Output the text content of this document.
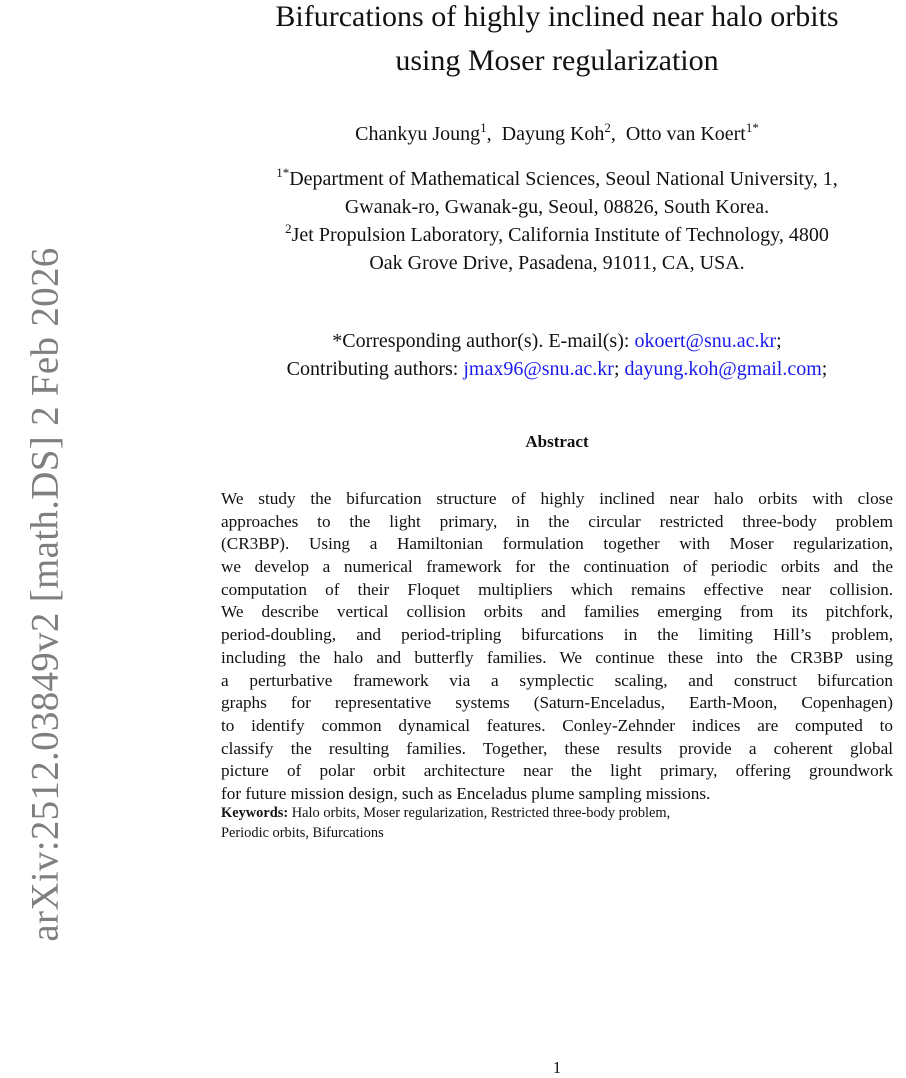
arXiv:2512.03849v2 [math.DS] 2 Feb 2026
Bifurcations of highly inclined near halo orbits
using Moser regularization
Chankyu Joung$^1$,  Dayung Koh$^2$,  Otto van Koert$^{1*}$
$^{1*}$Department of Mathematical Sciences, Seoul National University, 1,
Gwanak-ro, Gwanak-gu, Seoul, 08826, South Korea.
$^2$Jet Propulsion Laboratory, California Institute of Technology, 4800
Oak Grove Drive, Pasadena, 91011, CA, USA.
*Corresponding author(s). E-mail(s): okoert@snu.ac.kr;
Contributing authors: jmax96@snu.ac.kr; dayung.koh@gmail.com;
Abstract
We study the bifurcation structure of highly inclined near halo orbits with close
approaches to the light primary, in the circular restricted three-body problem
(CR3BP). Using a Hamiltonian formulation together with Moser regularization,
we develop a numerical framework for the continuation of periodic orbits and the
computation of their Floquet multipliers which remains effective near collision.
We describe vertical collision orbits and families emerging from its pitchfork,
period-doubling, and period-tripling bifurcations in the limiting Hill’s problem,
including the halo and butterfly families. We continue these into the CR3BP using
a perturbative framework via a symplectic scaling, and construct bifurcation
graphs for representative systems (Saturn-Enceladus, Earth-Moon, Copenhagen)
to identify common dynamical features. Conley-Zehnder indices are computed to
classify the resulting families. Together, these results provide a coherent global
picture of polar orbit architecture near the light primary, offering groundwork
for future mission design, such as Enceladus plume sampling missions.
Keywords: Halo orbits, Moser regularization, Restricted three-body problem,
Periodic orbits, Bifurcations
1
